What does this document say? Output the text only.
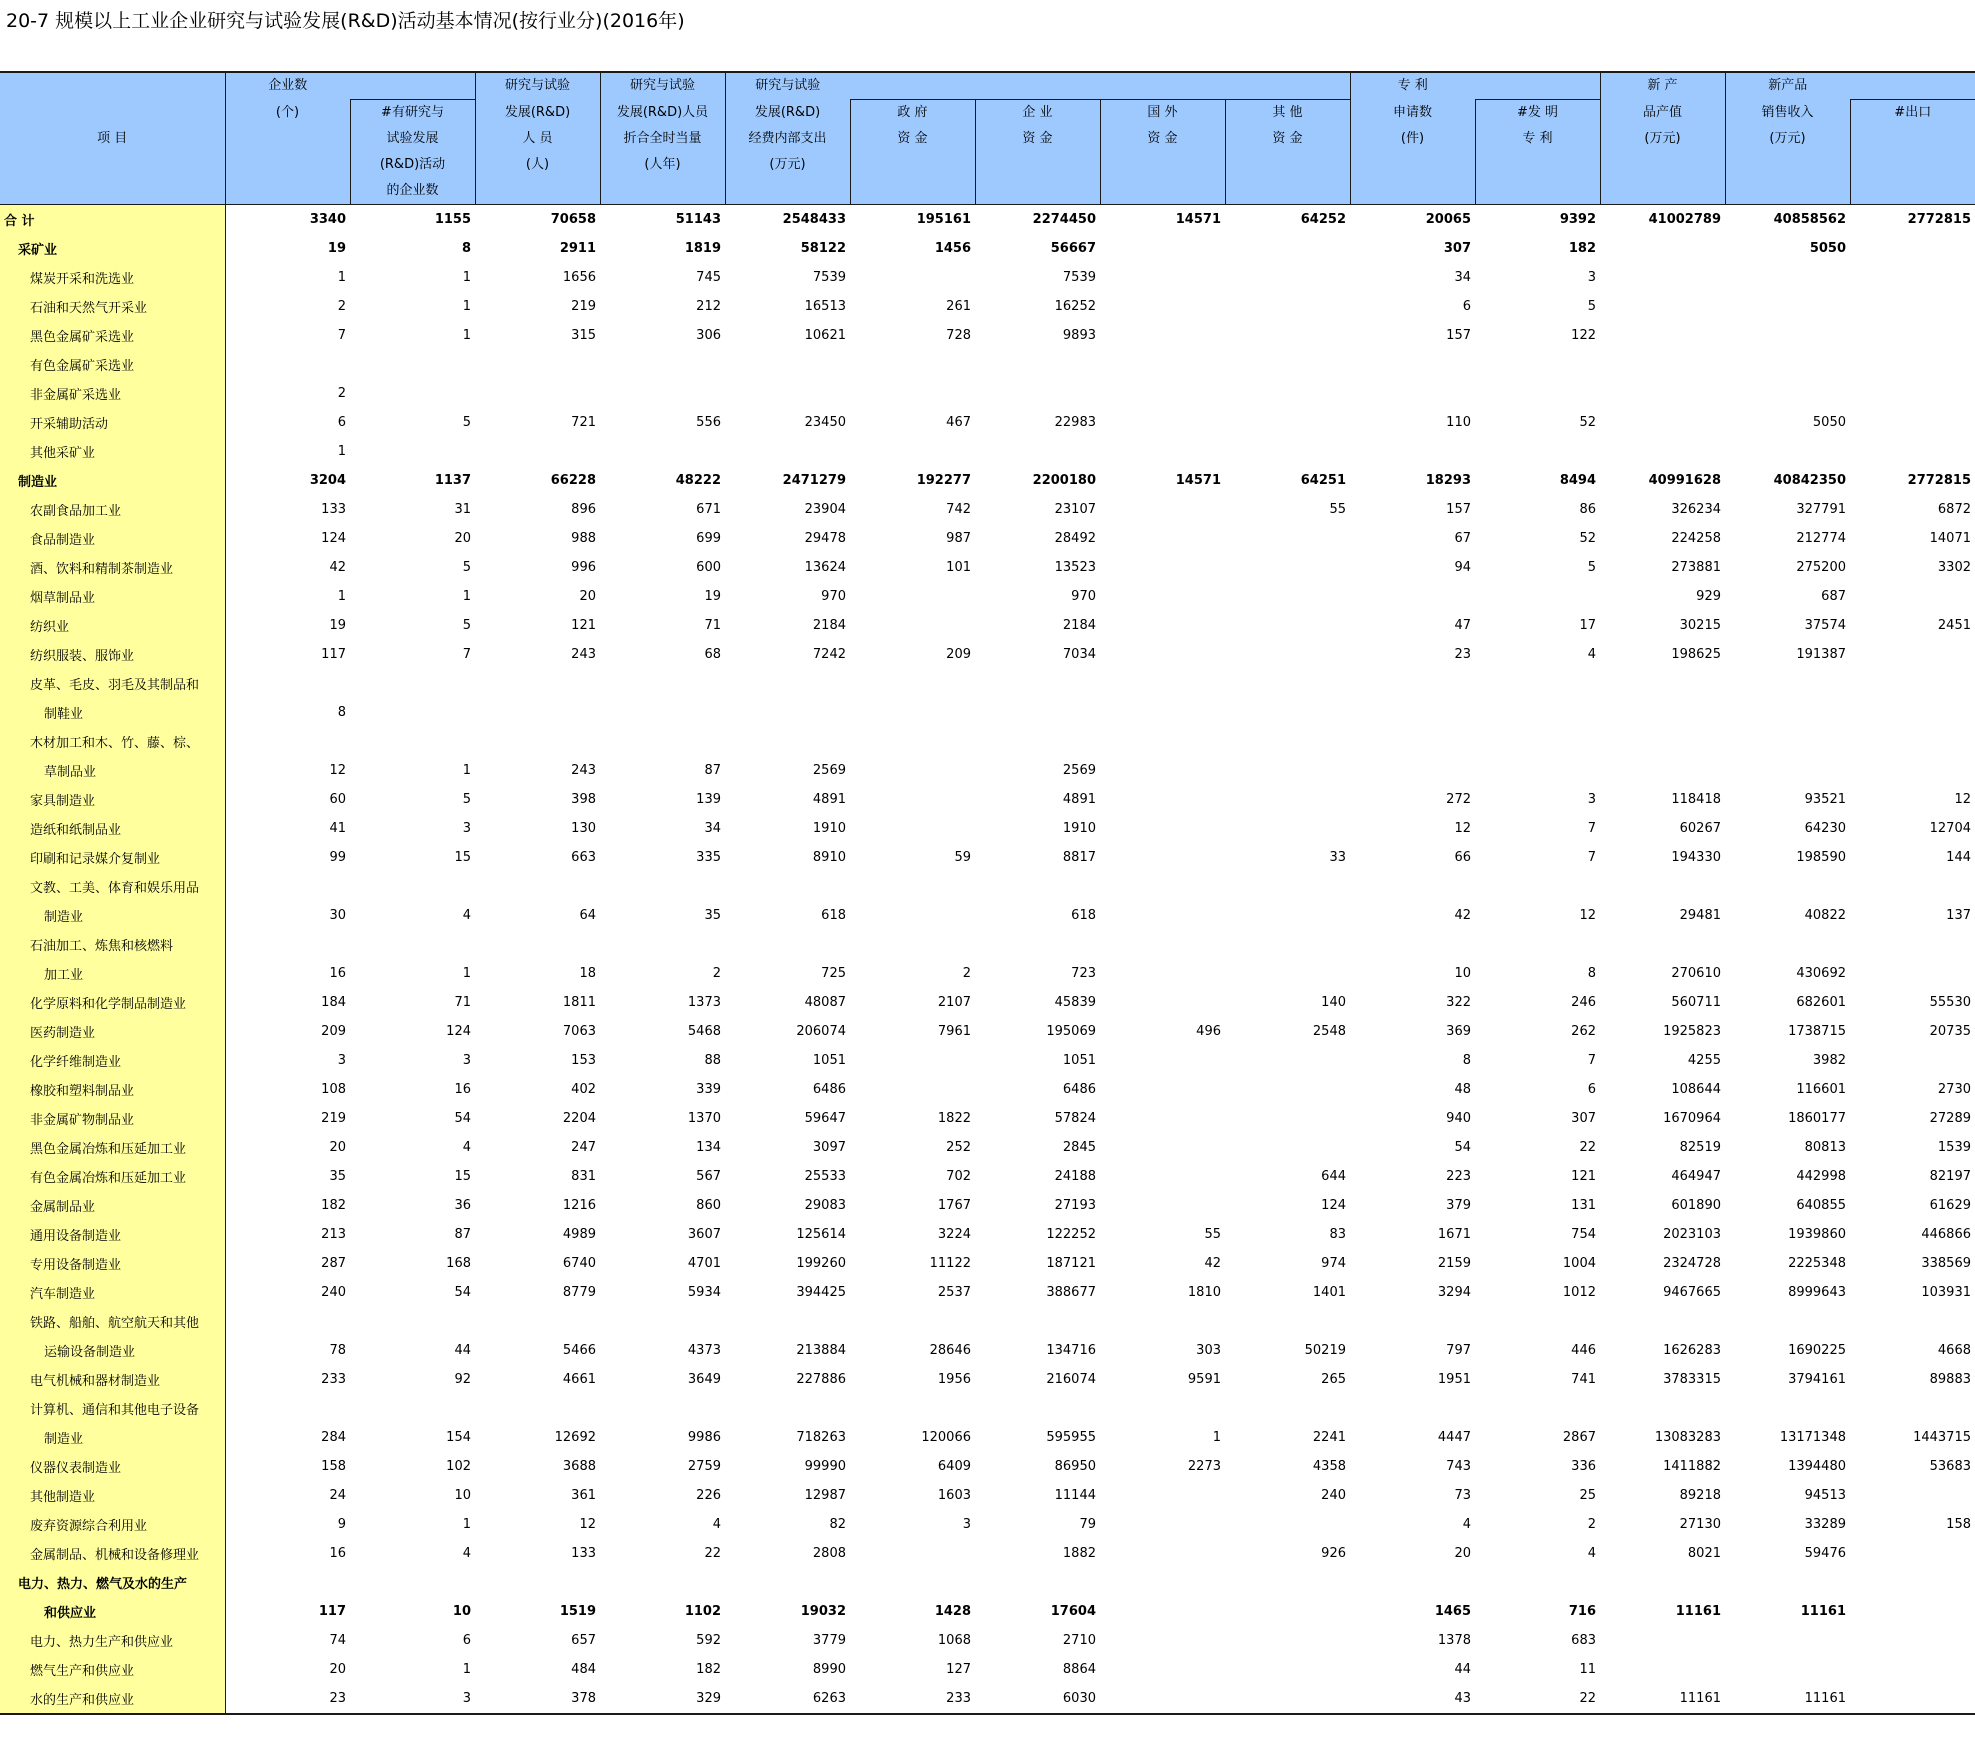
20-7 规模以上工业企业研究与试验发展(R&D)活动基本情况(按行业分)(2016年)
	企业数		研究与试验	研究与试验	研究与试验					专 利		新 产	新产品	
	(个)	#有研究与	发展(R&D)	发展(R&D)人员	发展(R&D)	政 府	企 业	国 外	其 他	申请数	#发 明	品产值	销售收入	#出口
项 目		试验发展	人 员	折合全时当量	经费内部支出	资 金	资 金	资 金	资 金	(件)	专 利	(万元)	(万元)	
		(R&D)活动	(人)	(人年)	(万元)									
		的企业数												
合 计	3340	1155	70658	51143	2548433	195161	2274450	14571	64252	20065	9392	41002789	40858562	2772815
采矿业	19	8	2911	1819	58122	1456	56667			307	182		5050	
煤炭开采和洗选业	1	1	1656	745	7539		7539			34	3			
石油和天然气开采业	2	1	219	212	16513	261	16252			6	5			
黑色金属矿采选业	7	1	315	306	10621	728	9893			157	122			
有色金属矿采选业														
非金属矿采选业	2													
开采辅助活动	6	5	721	556	23450	467	22983			110	52		5050	
其他采矿业	1													
制造业	3204	1137	66228	48222	2471279	192277	2200180	14571	64251	18293	8494	40991628	40842350	2772815
农副食品加工业	133	31	896	671	23904	742	23107		55	157	86	326234	327791	6872
食品制造业	124	20	988	699	29478	987	28492			67	52	224258	212774	14071
酒、饮料和精制茶制造业	42	5	996	600	13624	101	13523			94	5	273881	275200	3302
烟草制品业	1	1	20	19	970		970					929	687	
纺织业	19	5	121	71	2184		2184			47	17	30215	37574	2451
纺织服装、服饰业	117	7	243	68	7242	209	7034			23	4	198625	191387	
皮革、毛皮、羽毛及其制品和														
制鞋业	8													
木材加工和木、竹、藤、棕、														
草制品业	12	1	243	87	2569		2569							
家具制造业	60	5	398	139	4891		4891			272	3	118418	93521	12
造纸和纸制品业	41	3	130	34	1910		1910			12	7	60267	64230	12704
印刷和记录媒介复制业	99	15	663	335	8910	59	8817		33	66	7	194330	198590	144
文教、工美、体育和娱乐用品														
制造业	30	4	64	35	618		618			42	12	29481	40822	137
石油加工、炼焦和核燃料														
加工业	16	1	18	2	725	2	723			10	8	270610	430692	
化学原料和化学制品制造业	184	71	1811	1373	48087	2107	45839		140	322	246	560711	682601	55530
医药制造业	209	124	7063	5468	206074	7961	195069	496	2548	369	262	1925823	1738715	20735
化学纤维制造业	3	3	153	88	1051		1051			8	7	4255	3982	
橡胶和塑料制品业	108	16	402	339	6486		6486			48	6	108644	116601	2730
非金属矿物制品业	219	54	2204	1370	59647	1822	57824			940	307	1670964	1860177	27289
黑色金属冶炼和压延加工业	20	4	247	134	3097	252	2845			54	22	82519	80813	1539
有色金属冶炼和压延加工业	35	15	831	567	25533	702	24188		644	223	121	464947	442998	82197
金属制品业	182	36	1216	860	29083	1767	27193		124	379	131	601890	640855	61629
通用设备制造业	213	87	4989	3607	125614	3224	122252	55	83	1671	754	2023103	1939860	446866
专用设备制造业	287	168	6740	4701	199260	11122	187121	42	974	2159	1004	2324728	2225348	338569
汽车制造业	240	54	8779	5934	394425	2537	388677	1810	1401	3294	1012	9467665	8999643	103931
铁路、船舶、航空航天和其他														
运输设备制造业	78	44	5466	4373	213884	28646	134716	303	50219	797	446	1626283	1690225	4668
电气机械和器材制造业	233	92	4661	3649	227886	1956	216074	9591	265	1951	741	3783315	3794161	89883
计算机、通信和其他电子设备														
制造业	284	154	12692	9986	718263	120066	595955	1	2241	4447	2867	13083283	13171348	1443715
仪器仪表制造业	158	102	3688	2759	99990	6409	86950	2273	4358	743	336	1411882	1394480	53683
其他制造业	24	10	361	226	12987	1603	11144		240	73	25	89218	94513	
废弃资源综合利用业	9	1	12	4	82	3	79			4	2	27130	33289	158
金属制品、机械和设备修理业	16	4	133	22	2808		1882		926	20	4	8021	59476	
电力、热力、燃气及水的生产														
和供应业	117	10	1519	1102	19032	1428	17604			1465	716	11161	11161	
电力、热力生产和供应业	74	6	657	592	3779	1068	2710			1378	683			
燃气生产和供应业	20	1	484	182	8990	127	8864			44	11			
水的生产和供应业	23	3	378	329	6263	233	6030			43	22	11161	11161	
